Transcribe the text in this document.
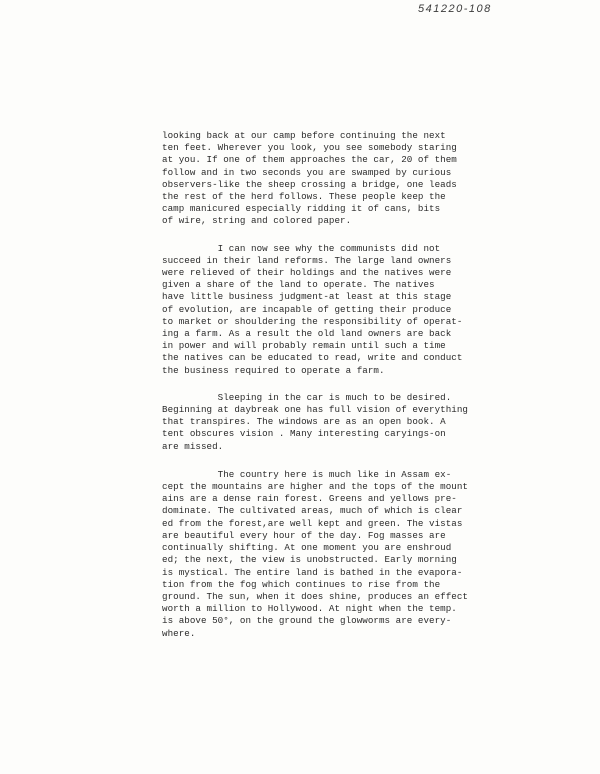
541220-108
looking back at our camp before continuing the next
ten feet. Wherever you look, you see somebody staring
at you. If one of them approaches the car, 20 of them
follow and in two seconds you are swamped by curious
observers-like the sheep crossing a bridge, one leads
the rest of the herd follows. These people keep the
camp manicured especially ridding it of cans, bits
of wire, string and colored paper.
I can now see why the communists did not
succeed in their land reforms. The large land owners
were relieved of their holdings and the natives were
given a share of the land to operate. The natives
have little business judgment-at least at this stage
of evolution, are incapable of getting their produce
to market or shouldering the responsibility of operat-
ing a farm. As a result the old land owners are back
in power and will probably remain until such a time
the natives can be educated to read, write and conduct
the business required to operate a farm.
Sleeping in the car is much to be desired.
Beginning at daybreak one has full vision of everything
that transpires. The windows are as an open book. A
tent obscures vision . Many interesting caryings-on
are missed.
The country here is much like in Assam ex-
cept the mountains are higher and the tops of the mount
ains are a dense rain forest. Greens and yellows pre-
dominate. The cultivated areas, much of which is clear
ed from the forest,are well kept and green. The vistas
are beautiful every hour of the day. Fog masses are
continually shifting. At one moment you are enshroud
ed; the next, the view is unobstructed. Early morning
is mystical. The entire land is bathed in the evapora-
tion from the fog which continues to rise from the
ground. The sun, when it does shine, produces an effect
worth a million to Hollywood. At night when the temp.
is above 50°, on the ground the glowworms are every-
where.
